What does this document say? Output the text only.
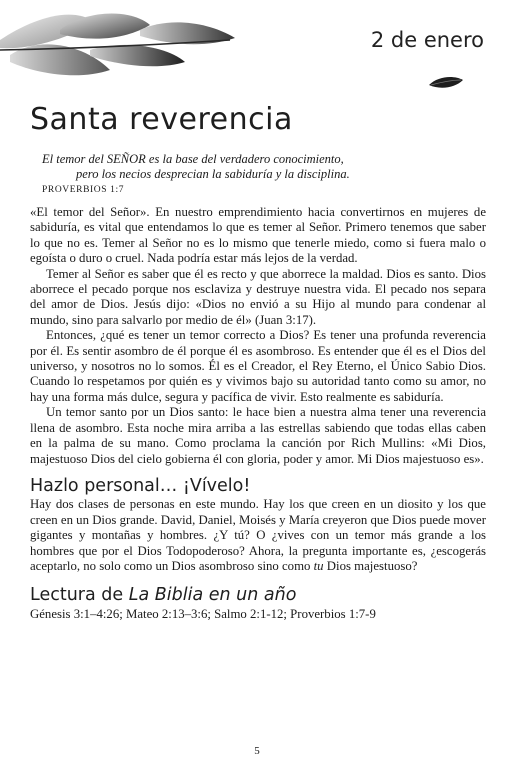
2 de enero
Santa reverencia
El temor del SEÑOR es la base del verdadero conocimiento,
pero los necios desprecian la sabiduría y la disciplina.
PROVERBIOS 1:7

«El temor del Señor». En nuestro emprendimiento hacia convertirnos en mujeres de sabiduría, es vital que entendamos lo que es temer al Señor. Primero tenemos que saber lo que no es. Temer al Señor no es lo mismo que tenerle miedo, como si fuera malo o egoísta o duro o cruel. Nada podría estar más lejos de la verdad.

Temer al Señor es saber que él es recto y que aborrece la maldad. Dios es santo. Dios aborrece el pecado porque nos esclaviza y destruye nuestra vida. El pecado nos separa del amor de Dios. Jesús dijo: «Dios no envió a su Hijo al mundo para condenar al mundo, sino para salvarlo por medio de él» (Juan 3:17).

Entonces, ¿qué es tener un temor correcto a Dios? Es tener una profunda reverencia por él. Es sentir asombro de él porque él es asombroso. Es entender que él es el Dios del universo, y nosotros no lo somos. Él es el Creador, el Rey Eterno, el Único Sabio Dios. Cuando lo respetamos por quién es y vivimos bajo su autoridad tanto como su amor, no hay una forma más dulce, segura y pacífica de vivir. Esto realmente es sabiduría.

Un temor santo por un Dios santo: le hace bien a nuestra alma tener una reverencia llena de asombro. Esta noche mira arriba a las estrellas sabiendo que todas ellas caben en la palma de su mano. Como proclama la canción por Rich Mullins: «Mi Dios, majestuoso Dios del cielo gobierna él con gloria, poder y amor. Mi Dios majestuoso es».

Hazlo personal… ¡Vívelo!

Hay dos clases de personas en este mundo. Hay los que creen en un diosito y los que creen en un Dios grande. David, Daniel, Moisés y María creyeron que Dios puede mover gigantes y montañas y hombres. ¿Y tú? O ¿vives con un temor más grande a los hombres que por el Dios Todopoderoso? Ahora, la pregunta importante es, ¿escogerás aceptarlo, no solo como un Dios asombroso sino como tu Dios majestuoso?

Lectura de La Biblia en un año

Génesis 3:1–4:26; Mateo 2:13–3:6; Salmo 2:1-12; Proverbios 1:7-9

5
